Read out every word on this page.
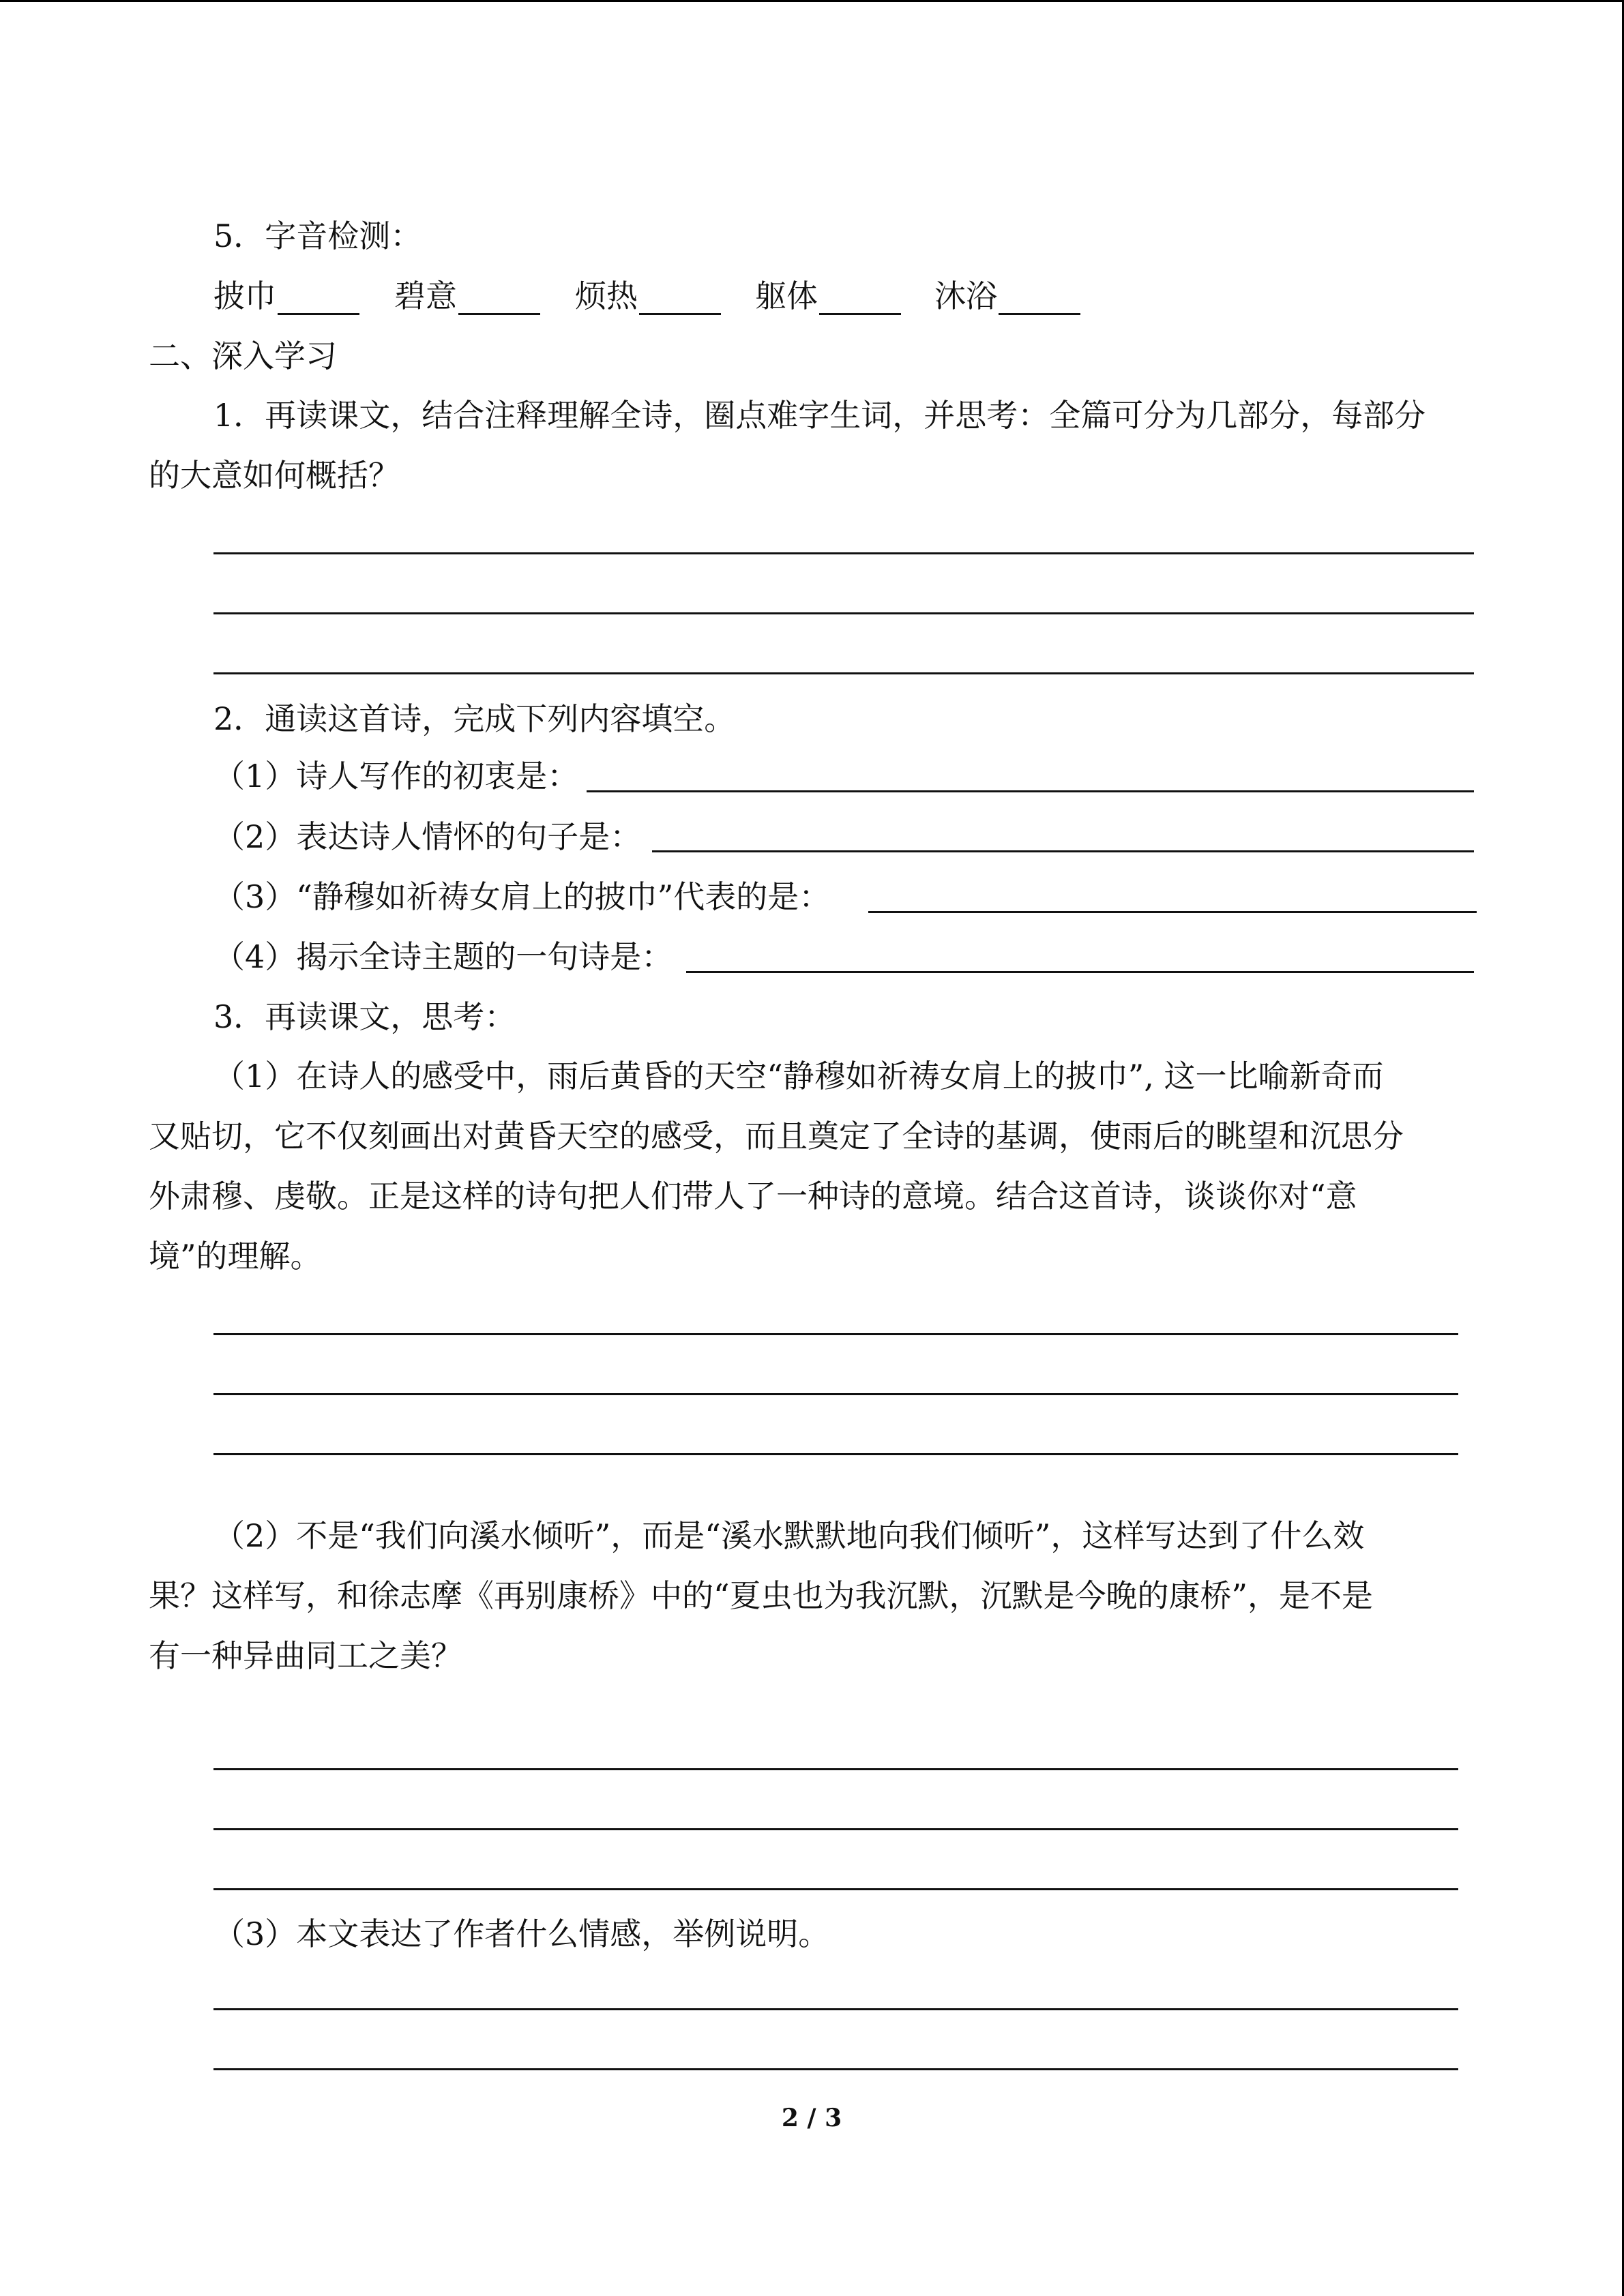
5．字音检测：
披巾	碧意	烦热	躯体	沐浴
二、深入学习
1．再读课文，结合注释理解全诗，圈点难字生词，并思考：全篇可分为几部分，每部分
的大意如何概括？
2．通读这首诗，完成下列内容填空。
（1）诗人写作的初衷是：
（2）表达诗人情怀的句子是：
（3）“静穆如祈祷女肩上的披巾”代表的是：
（4）揭示全诗主题的一句诗是：
3．再读课文，思考：
（1）在诗人的感受中，雨后黄昏的天空“静穆如祈祷女肩上的披巾”, 这一比喻新奇而
又贴切，它不仅刻画出对黄昏天空的感受，而且奠定了全诗的基调，使雨后的眺望和沉思分
外肃穆、虔敬。正是这样的诗句把人们带人了一种诗的意境。结合这首诗，谈谈你对“意
境”的理解。
（2）不是“我们向溪水倾听”，而是“溪水默默地向我们倾听”，这样写达到了什么效
果？这样写，和徐志摩《再别康桥》中的“夏虫也为我沉默，沉默是今晚的康桥”，是不是
有一种异曲同工之美？
（3）本文表达了作者什么情感，举例说明。
2 / 3
